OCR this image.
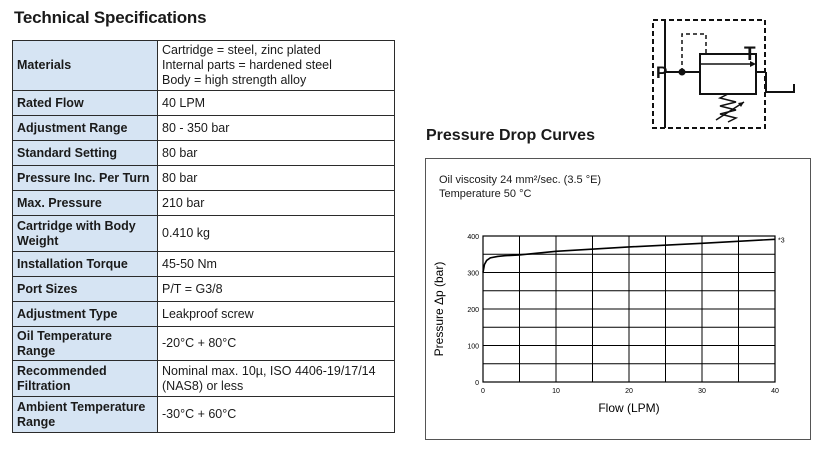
Technical Specifications
Materials	Cartridge = steel, zinc plated
Internal parts = hardened steel
Body = high strength alloy
Rated Flow	40 LPM
Adjustment Range	80 - 350 bar
Standard Setting	80 bar
Pressure Inc. Per Turn	80 bar
Max. Pressure	210 bar
Cartridge with Body Weight	0.410 kg
Installation Torque	45-50 Nm
Port Sizes	P/T = G3/8
Adjustment Type	Leakproof screw
Oil Temperature Range	-20°C + 80°C
Recommended Filtration	Nominal max. 10µ, ISO 4406-19/17/14 (NAS8) or less
Ambient Temperature Range	-30°C + 60°C
P
T
Pressure Drop Curves
Oil viscosity 24 mm²/sec. (3.5 °E)
Temperature 50 °C
0	10	20	30	40
0
100
200
300
400	*3
Flow (LPM)
Pressure Δp (bar)
